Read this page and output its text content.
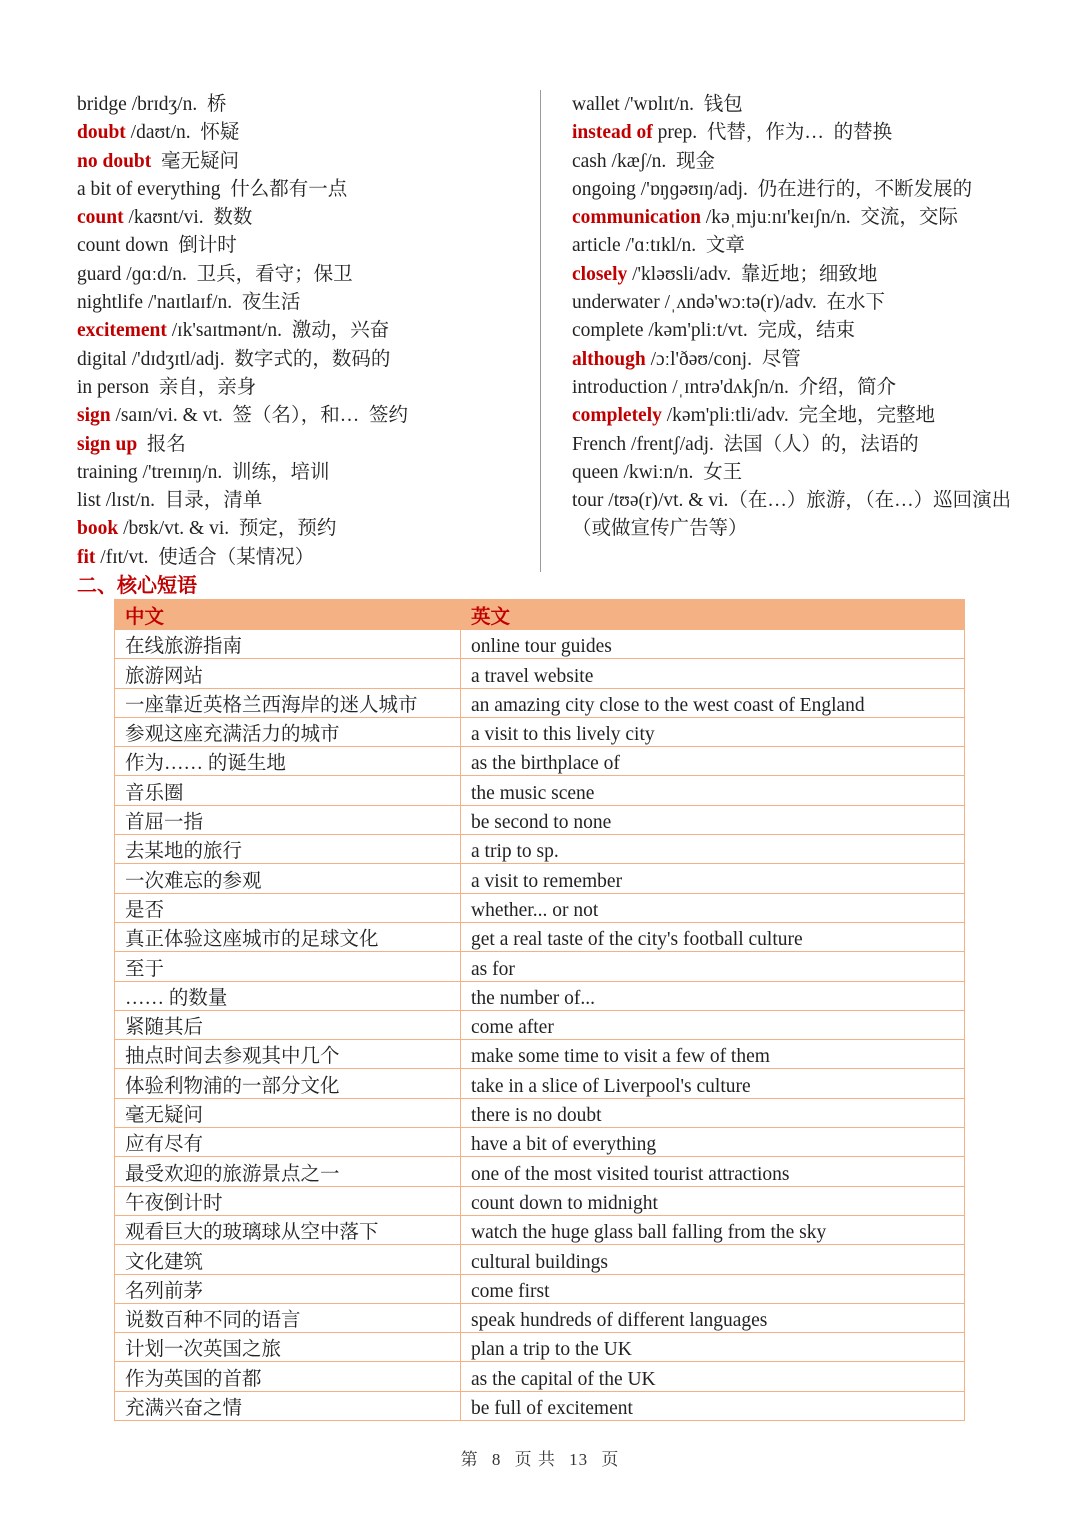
bridge /brɪdʒ/n.  桥
doubt /daʊt/n.  怀疑
no doubt  毫无疑问
a bit of everything  什么都有一点
count /kaʊnt/vi.  数数
count down  倒计时
guard /ɡɑːd/n.  卫兵，看守；保卫
nightlife /'naɪtlaɪf/n.  夜生活
excitement /ɪk'saɪtmənt/n.  激动，兴奋
digital /'dɪdʒɪtl/adj.  数字式的，数码的
in person  亲自，亲身
sign /saɪn/vi. & vt.  签（名），和…  签约
sign up  报名
training /'treɪnɪŋ/n.  训练，培训
list /lɪst/n.  目录，清单
book /bʊk/vt. & vi.  预定，预约
fit /fɪt/vt.  使适合（某情况）
wallet /'wɒlɪt/n.  钱包
instead of prep.  代替，作为…  的替换
cash /kæʃ/n.  现金
ongoing /'ɒŋɡəʊɪŋ/adj.  仍在进行的，不断发展的
communication /kəˌmjuːnɪ'keɪʃn/n.  交流，交际
article /'ɑːtɪkl/n.  文章
closely /'kləʊsli/adv.  靠近地；细致地
underwater /ˌʌndə'wɔːtə(r)/adv.  在水下
complete /kəm'pliːt/vt.  完成，结束
although /ɔːl'ðəʊ/conj.  尽管
introduction /ˌɪntrə'dʌkʃn/n.  介绍，简介
completely /kəm'pliːtli/adv.  完全地，完整地
French /frentʃ/adj.  法国（人）的，法语的
queen /kwiːn/n.  女王
tour /tʊə(r)/vt. & vi.（在…）旅游，（在…）巡回演出（或做宣传广告等）
二、核心短语
中文	英文
在线旅游指南	online tour guides
旅游网站	a travel website
一座靠近英格兰西海岸的迷人城市	an amazing city close to the west coast of England
参观这座充满活力的城市	a visit to this lively city
作为…… 的诞生地	as the birthplace of
音乐圈	the music scene
首屈一指	be second to none
去某地的旅行	a trip to sp.
一次难忘的参观	a visit to remember
是否	whether... or not
真正体验这座城市的足球文化	get a real taste of the city's football culture
至于	as for
…… 的数量	the number of...
紧随其后	come after
抽点时间去参观其中几个	make some time to visit a few of them
体验利物浦的一部分文化	take in a slice of Liverpool's culture
毫无疑问	there is no doubt
应有尽有	have a bit of everything
最受欢迎的旅游景点之一	one of the most visited tourist attractions
午夜倒计时	count down to midnight
观看巨大的玻璃球从空中落下	watch the huge glass ball falling from the sky
文化建筑	cultural buildings
名列前茅	come first
说数百种不同的语言	speak hundreds of different languages
计划一次英国之旅	plan a trip to the UK
作为英国的首都	as the capital of the UK
充满兴奋之情	be full of excitement
第 8 页 共 13 页
